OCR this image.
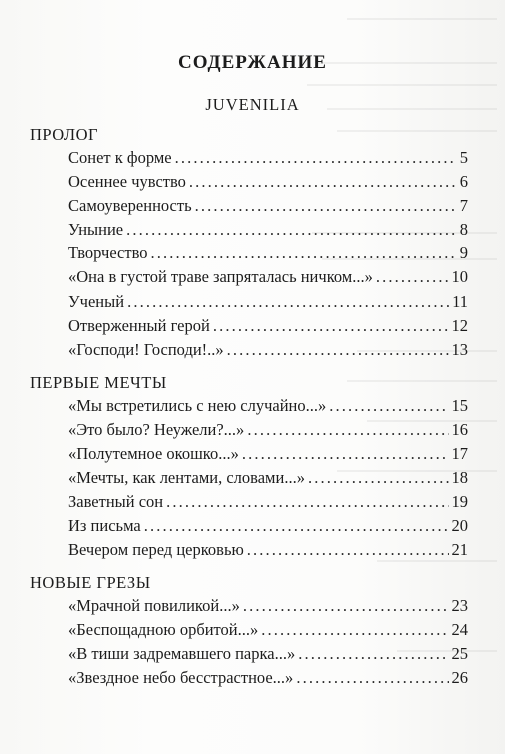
СОДЕРЖАНИЕ
JUVENILIA
ПРОЛОГ
Сонет к форме . . .	5
Осеннее чувство . . .	6
Самоуверенность . . .	7
Уныние . . .	8
Творчество . . .	9
«Она в густой траве запряталась ничком...» . . .	10
Ученый . . .	11
Отверженный герой . . .	12
«Господи! Господи!..» . . .	13
ПЕРВЫЕ МЕЧТЫ
«Мы встретились с нею случайно...» . . .	15
«Это было? Неужели?...» . . .	16
«Полутемное окошко...» . . .	17
«Мечты, как лентами, словами...» . . .	18
Заветный сон . . .	19
Из письма . . .	20
Вечером перед церковью . . .	21
НОВЫЕ ГРЕЗЫ
«Мрачной повиликой...» . . .	23
«Беспощадною орбитой...» . . .	24
«В тиши задремавшего парка...» . . .	25
«Звездное небо бесстрастное...» . . .	26
